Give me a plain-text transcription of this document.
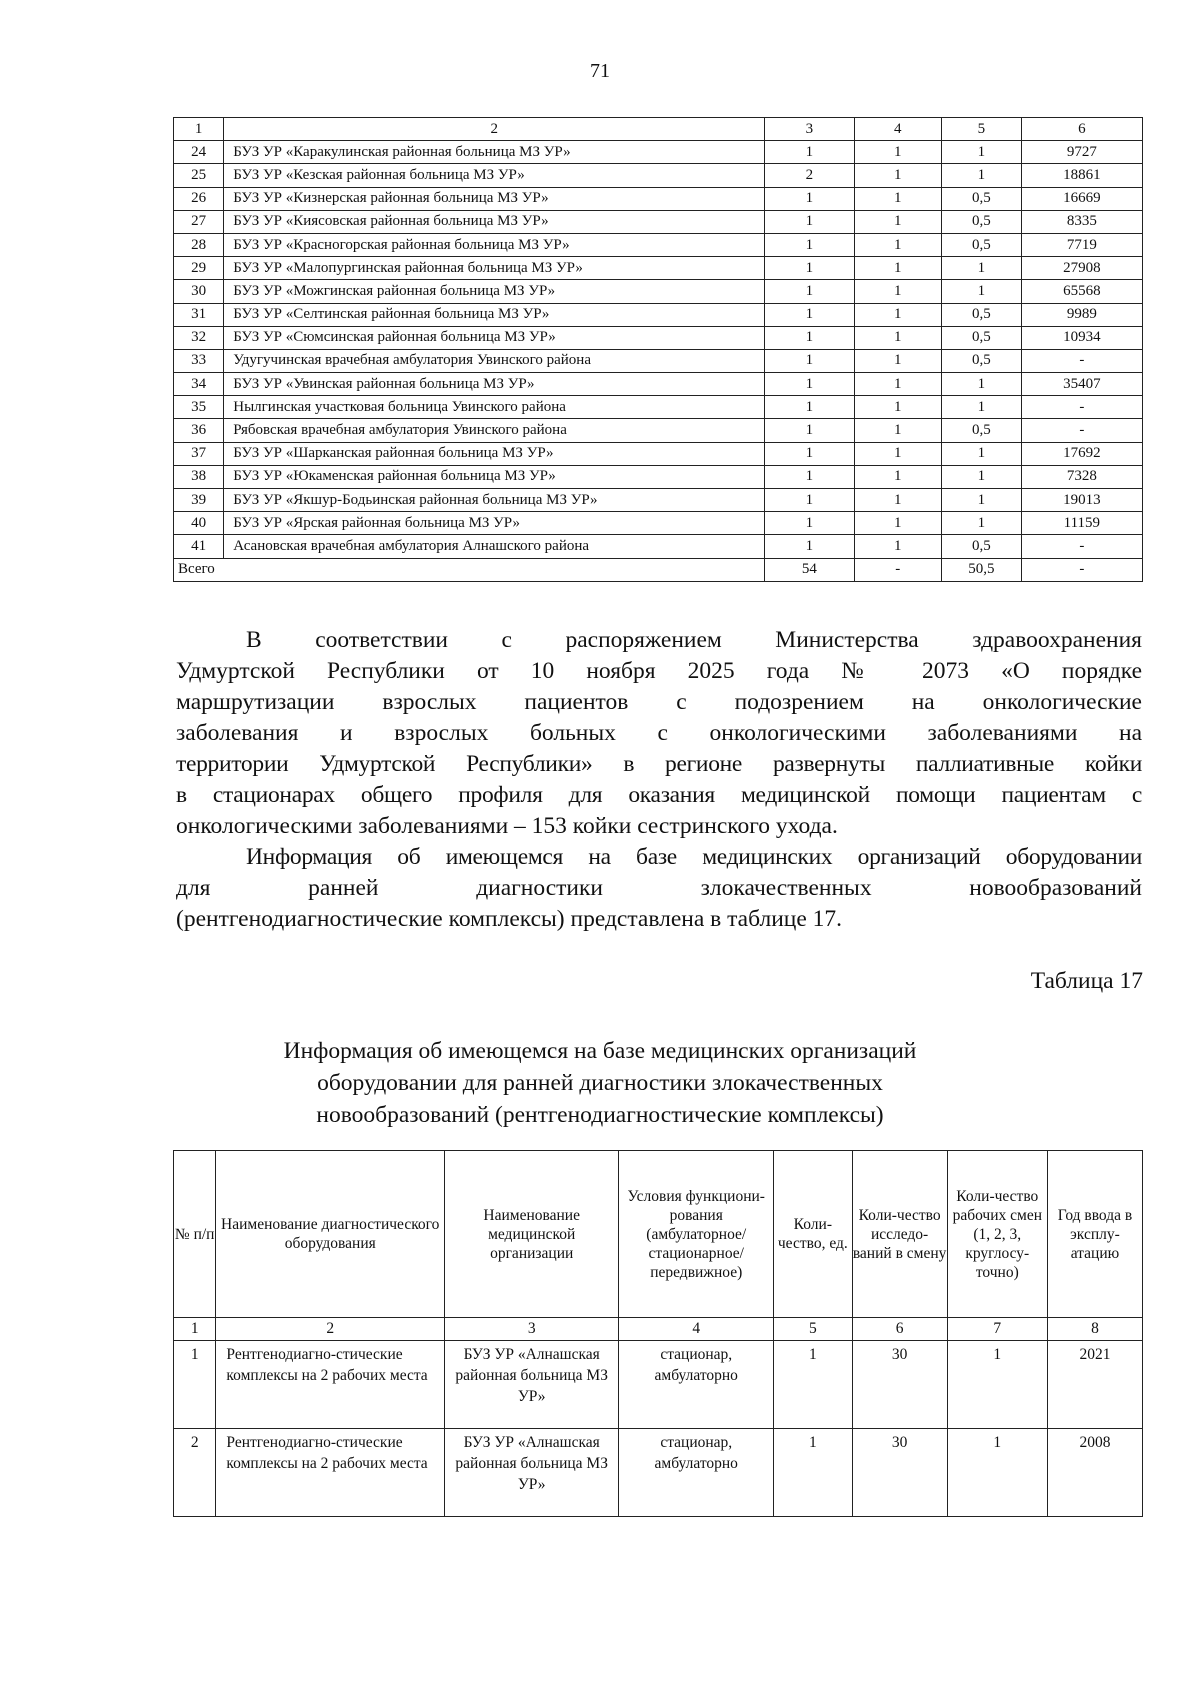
71
1	2	3	4	5	6
24	БУЗ УР «Каракулинская районная больница МЗ УР»	1	1	1	9727
25	БУЗ УР «Кезская районная больница МЗ УР»	2	1	1	18861
26	БУЗ УР «Кизнерская районная больница МЗ УР»	1	1	0,5	16669
27	БУЗ УР «Киясовская районная больница МЗ УР»	1	1	0,5	8335
28	БУЗ УР «Красногорская районная больница МЗ УР»	1	1	0,5	7719
29	БУЗ УР «Малопургинская районная больница МЗ УР»	1	1	1	27908
30	БУЗ УР «Можгинская районная больница МЗ УР»	1	1	1	65568
31	БУЗ УР «Селтинская районная больница МЗ УР»	1	1	0,5	9989
32	БУЗ УР «Сюмсинская районная больница МЗ УР»	1	1	0,5	10934
33	Удугучинская врачебная амбулатория Увинского района	1	1	0,5	-
34	БУЗ УР «Увинская районная больница МЗ УР»	1	1	1	35407
35	Нылгинская участковая больница Увинского района	1	1	1	-
36	Рябовская врачебная амбулатория Увинского района	1	1	0,5	-
37	БУЗ УР «Шарканская районная больница МЗ УР»	1	1	1	17692
38	БУЗ УР «Юкаменская районная больница МЗ УР»	1	1	1	7328
39	БУЗ УР «Якшур-Бодьинская районная больница МЗ УР»	1	1	1	19013
40	БУЗ УР «Ярская районная больница МЗ УР»	1	1	1	11159
41	Асановская врачебная амбулатория Алнашского района	1	1	0,5	-
Всего		54	-	50,5	-
В соответствии с распоряжением Министерства здравоохранения
Удмуртской Республики от 10 ноября 2025 года № 2073 «О порядке
маршрутизации взрослых пациентов с подозрением на онкологические
заболевания и взрослых больных с онкологическими заболеваниями на
территории Удмуртской Республики» в регионе развернуты паллиативные койки
в стационарах общего профиля для оказания медицинской помощи пациентам с
онкологическими заболеваниями – 153 койки сестринского ухода.
Информация об имеющемся на базе медицинских организаций оборудовании
для ранней диагностики злокачественных новообразований
(рентгенодиагностические комплексы) представлена в таблице 17.
Таблица 17
Информация об имеющемся на базе медицинских организаций
оборудовании для ранней диагностики злокачественных
новообразований (рентгенодиагностические комплексы)
№ п/п	Наименование диагностического оборудования	Наименование медицинской организации	Условия функциони-рования (амбулаторное/ стационарное/ передвижное)	Коли-чество, ед.	Коли-чество исследо-ваний в смену	Коли-чество рабочих смен (1, 2, 3, круглосу-точно)	Год ввода в эксплу-атацию
1	2	3	4	5	6	7	8
1	Рентгенодиагно-стические комплексы на 2 рабочих места	БУЗ УР «Алнашская районная больница МЗ УР»	стационар, амбулаторно	1	30	1	2021
2	Рентгенодиагно-стические комплексы на 2 рабочих места	БУЗ УР «Алнашская районная больница МЗ УР»	стационар, амбулаторно	1	30	1	2008
